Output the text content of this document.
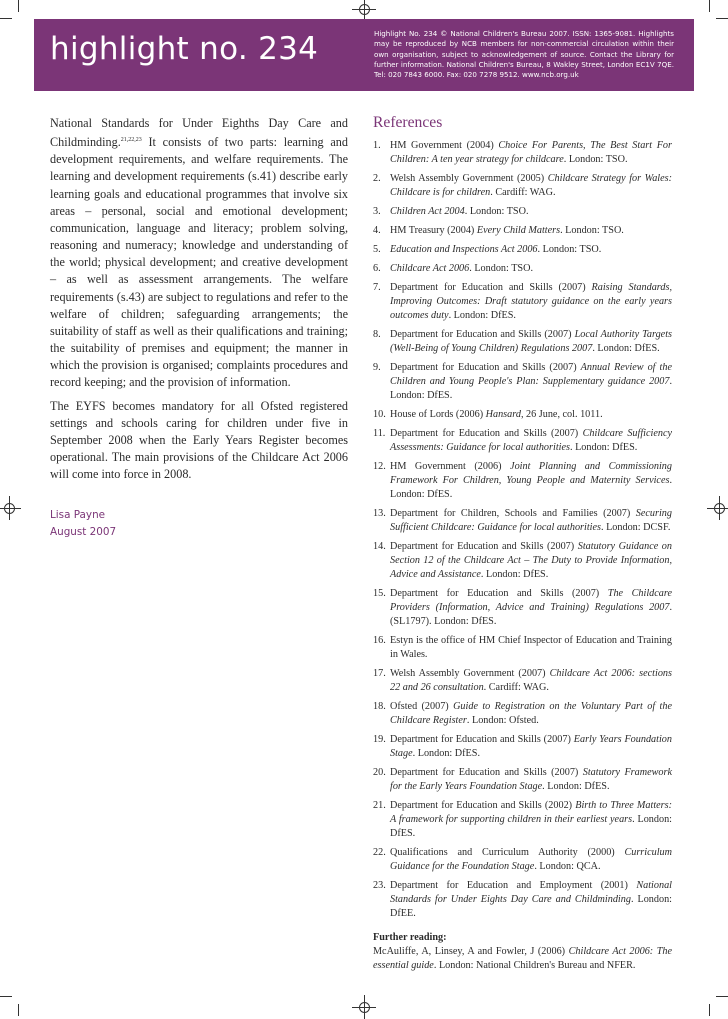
highlight no. 234	Highlight No. 234 © National Children's Bureau 2007. ISSN: 1365-9081. Highlights may be reproduced by NCB members for non-commercial circulation within their own organisation, subject to acknowledgement of source. Contact the Library for further information. National Children's Bureau, 8 Wakley Street, London EC1V 7QE. Tel: 020 7843 6000. Fax: 020 7278 9512. www.ncb.org.uk

National Standards for Under Eighths Day Care and Childminding.$^{21,22,23}$ It consists of two parts: learning and development requirements, and welfare requirements. The learning and development requirements (s.41) describe early learning goals and educational programmes that involve six areas – personal, social and emotional development; communication, language and literacy; problem solving, reasoning and numeracy; knowledge and understanding of the world; physical development; and creative development – as well as assessment arrangements. The welfare requirements (s.43) are subject to regulations and refer to the welfare of children; safeguarding arrangements; the suitability of staff as well as their qualifications and training; the suitability of premises and equipment; the manner in which the provision is organised; complaints procedures and record keeping; and the provision of information.

The EYFS becomes mandatory for all Ofsted registered settings and schools caring for children under five in September 2008 when the Early Years Register becomes operational. The main provisions of the Childcare Act 2006 will come into force in 2008.

Lisa Payne
August 2007
References
1. HM Government (2004) Choice For Parents, The Best Start For Children: A ten year strategy for childcare. London: TSO.
2. Welsh Assembly Government (2005) Childcare Strategy for Wales: Childcare is for children. Cardiff: WAG.
3. Children Act 2004. London: TSO.
4. HM Treasury (2004) Every Child Matters. London: TSO.
5. Education and Inspections Act 2006. London: TSO.
6. Childcare Act 2006. London: TSO.
7. Department for Education and Skills (2007) Raising Standards, Improving Outcomes: Draft statutory guidance on the early years outcomes duty. London: DfES.
8. Department for Education and Skills (2007) Local Authority Targets (Well-Being of Young Children) Regulations 2007. London: DfES.
9. Department for Education and Skills (2007) Annual Review of the Children and Young People's Plan: Supplementary guidance 2007. London: DfES.
10. House of Lords (2006) Hansard, 26 June, col. 1011.
11. Department for Education and Skills (2007) Childcare Sufficiency Assessments: Guidance for local authorities. London: DfES.
12. HM Government (2006) Joint Planning and Commissioning Framework For Children, Young People and Maternity Services. London: DfES.
13. Department for Children, Schools and Families (2007) Securing Sufficient Childcare: Guidance for local authorities. London: DCSF.
14. Department for Education and Skills (2007) Statutory Guidance on Section 12 of the Childcare Act – The Duty to Provide Information, Advice and Assistance. London: DfES.
15. Department for Education and Skills (2007) The Childcare Providers (Information, Advice and Training) Regulations 2007. (SL1797). London: DfES.
16. Estyn is the office of HM Chief Inspector of Education and Training in Wales.
17. Welsh Assembly Government (2007) Childcare Act 2006: sections 22 and 26 consultation. Cardiff: WAG.
18. Ofsted (2007) Guide to Registration on the Voluntary Part of the Childcare Register. London: Ofsted.
19. Department for Education and Skills (2007) Early Years Foundation Stage. London: DfES.
20. Department for Education and Skills (2007) Statutory Framework for the Early Years Foundation Stage. London: DfES.
21. Department for Education and Skills (2002) Birth to Three Matters: A framework for supporting children in their earliest years. London: DfES.
22. Qualifications and Curriculum Authority (2000) Curriculum Guidance for the Foundation Stage. London: QCA.
23. Department for Education and Employment (2001) National Standards for Under Eights Day Care and Childminding. London: DfEE.
Further reading:
McAuliffe, A, Linsey, A and Fowler, J (2006) Childcare Act 2006: The essential guide. London: National Children's Bureau and NFER.
